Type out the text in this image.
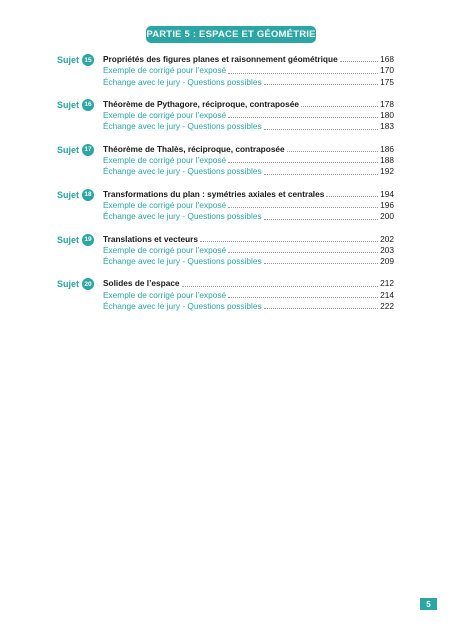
PARTIE 5 : ESPACE ET GÉOMÉTRIE
Sujet 15 Propriétés des figures planes et raisonnement géométrique	168
Exemple de corrigé pour l’exposé	170
Échange avec le jury - Questions possibles	175
Sujet 16 Théorème de Pythagore, réciproque, contraposée	178
Exemple de corrigé pour l’exposé	180
Échange avec le jury - Questions possibles	183
Sujet 17 Théorème de Thalès, réciproque, contraposée	186
Exemple de corrigé pour l’exposé	188
Échange avec le jury - Questions possibles	192
Sujet 18 Transformations du plan : symétries axiales et centrales	194
Exemple de corrigé pour l’exposé	196
Échange avec le jury - Questions possibles	200
Sujet 19 Translations et vecteurs	202
Exemple de corrigé pour l’exposé	203
Échange avec le jury - Questions possibles	209
Sujet 20 Solides de l’espace	212
Exemple de corrigé pour l’exposé	214
Échange avec le jury - Questions possibles	222
5
